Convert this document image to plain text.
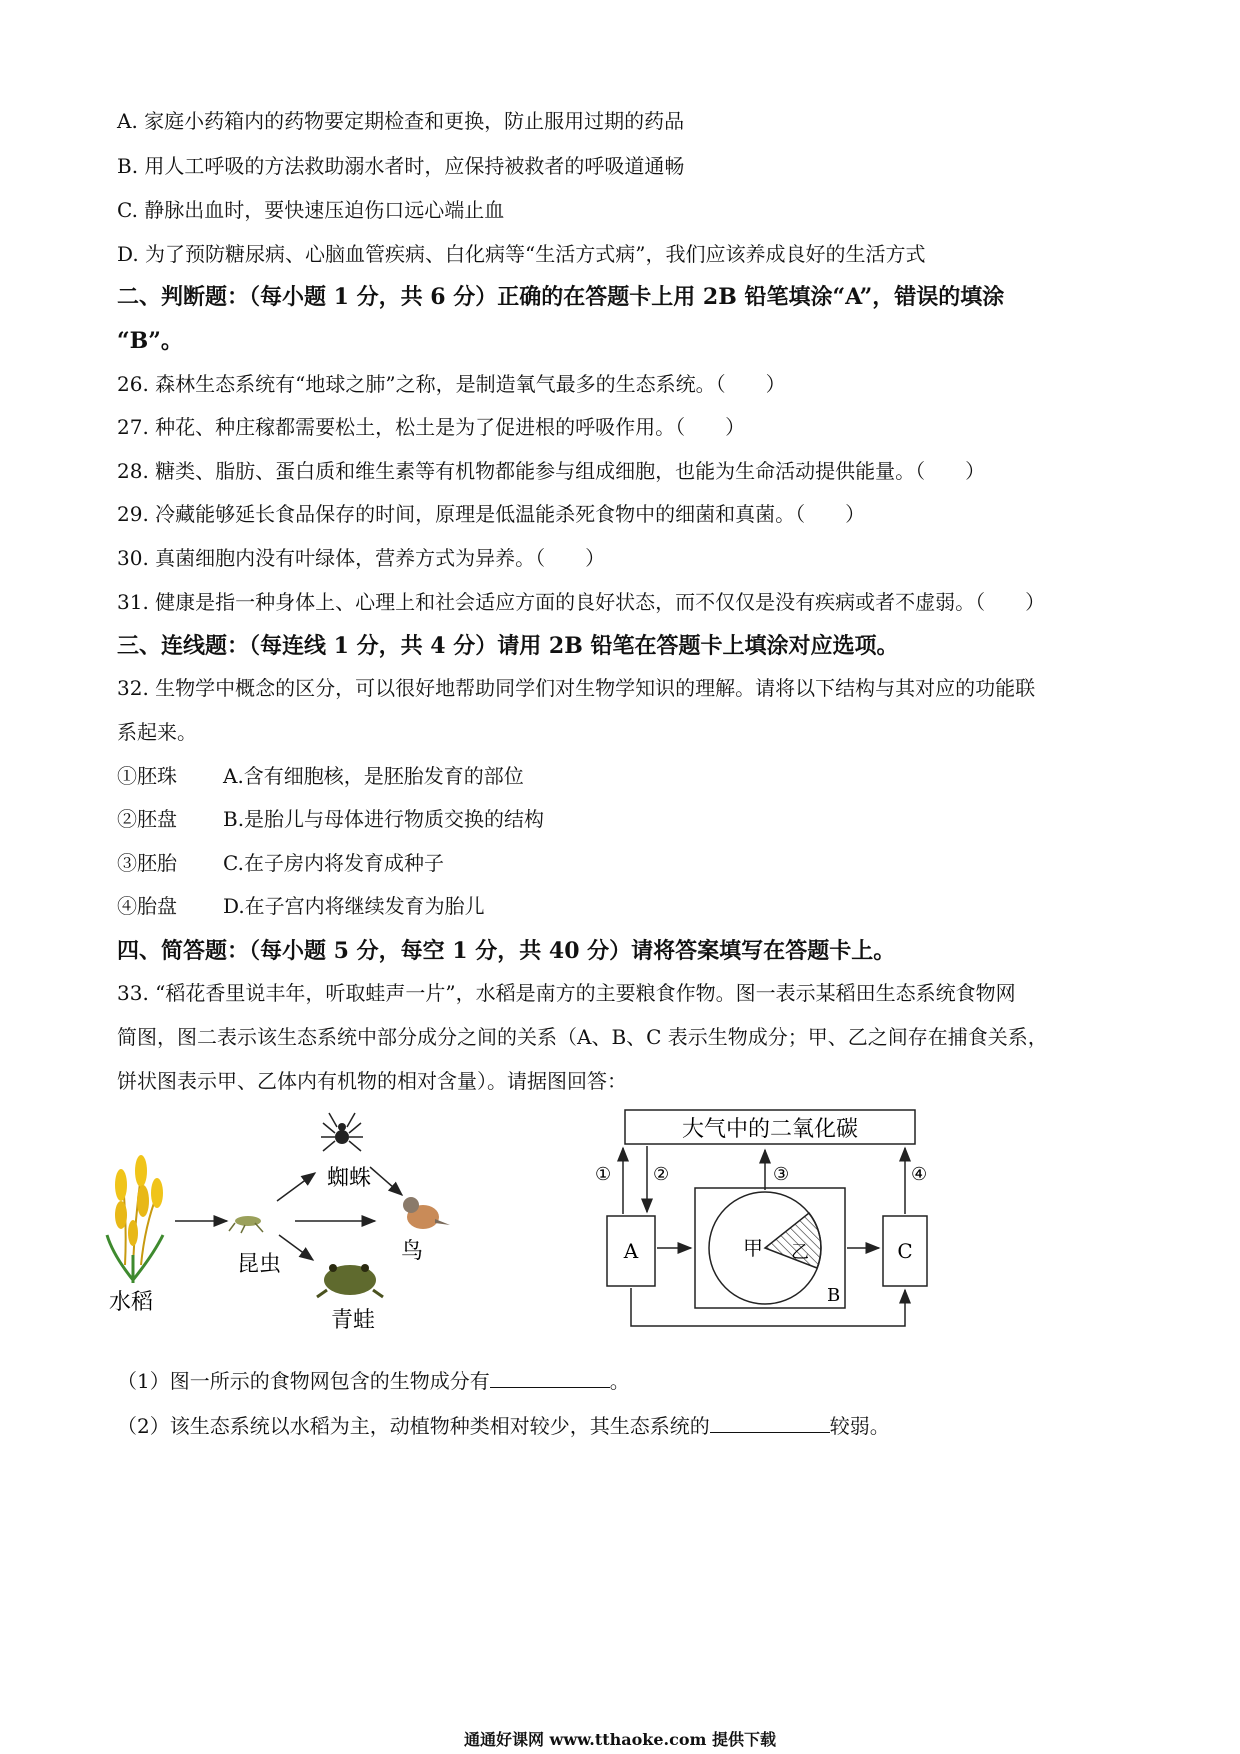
A. 家庭小药箱内的药物要定期检查和更换，防止服用过期的药品
B. 用人工呼吸的方法救助溺水者时，应保持被救者的呼吸道通畅
C. 静脉出血时，要快速压迫伤口远心端止血
D. 为了预防糖尿病、心脑血管疾病、白化病等“生活方式病”，我们应该养成良好的生活方式
二、判断题：（每小题 1 分，共 6 分）正确的在答题卡上用 2B 铅笔填涂“A”，错误的填涂
“B”。
26. 森林生态系统有“地球之肺”之称，是制造氧气最多的生态系统。（　　）
27. 种花、种庄稼都需要松土，松土是为了促进根的呼吸作用。（　　）
28. 糖类、脂肪、蛋白质和维生素等有机物都能参与组成细胞，也能为生命活动提供能量。（　　）
29. 冷藏能够延长食品保存的时间，原理是低温能杀死食物中的细菌和真菌。（　　）
30. 真菌细胞内没有叶绿体，营养方式为异养。（　　）
31. 健康是指一种身体上、心理上和社会适应方面的良好状态，而不仅仅是没有疾病或者不虚弱。（　　）
三、连线题：（每连线 1 分，共 4 分）请用 2B 铅笔在答题卡上填涂对应选项。
32. 生物学中概念的区分，可以很好地帮助同学们对生物学知识的理解。请将以下结构与其对应的功能联
系起来。
①胚珠 A.含有细胞核，是胚胎发育的部位
②胚盘 B.是胎儿与母体进行物质交换的结构
③胚胎 C.在子房内将发育成种子
④胎盘 D.在子宫内将继续发育为胎儿
四、简答题：（每小题 5 分，每空 1 分，共 40 分）请将答案填写在答题卡上。
33. “稻花香里说丰年，听取蛙声一片”，水稻是南方的主要粮食作物。图一表示某稻田生态系统食物网
简图，图二表示该生态系统中部分成分之间的关系（A、B、C 表示生物成分；甲、乙之间存在捕食关系，
饼状图表示甲、乙体内有机物的相对含量）。请据图回答：
水稻
昆虫
蜘蛛
鸟
青蛙
大气中的二氧化碳
A	甲 乙
B
C
① ②	③	④
（1）图一所示的食物网包含的生物成分有	。
（2）该生态系统以水稻为主，动植物种类相对较少，其生态系统的	较弱。
通通好课网 www.tthaoke.com 提供下载
